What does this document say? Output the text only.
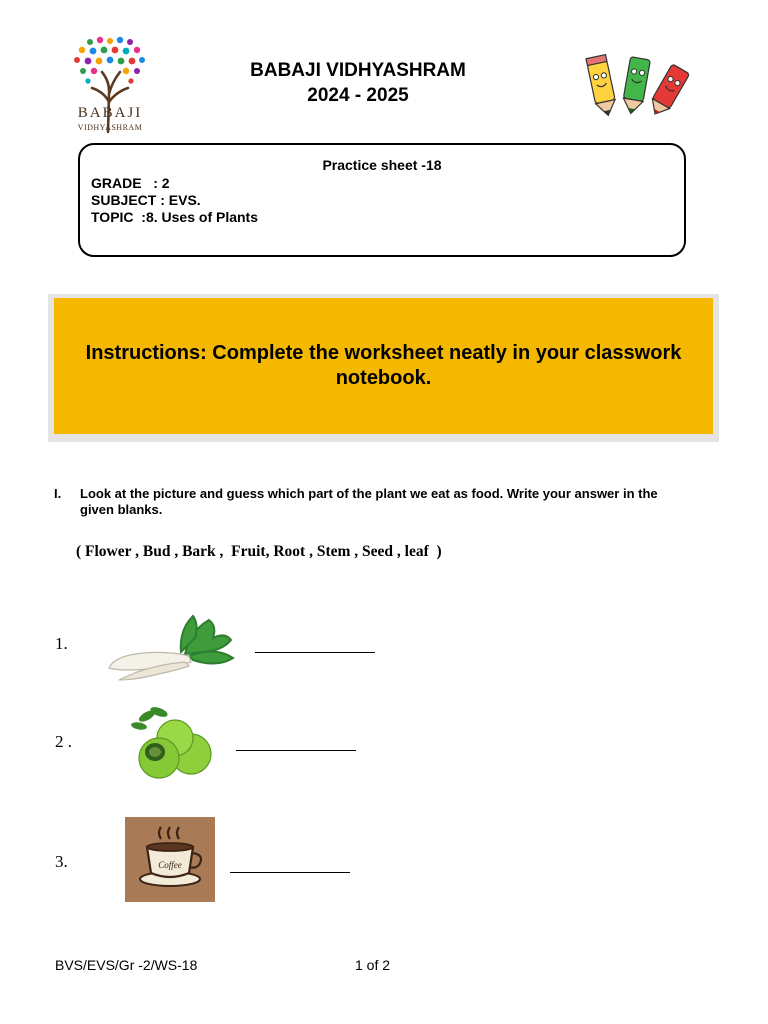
BABAJI
VIDHYASHRAM
BABAJI VIDHYASHRAM
2024 - 2025
Practice sheet -18
GRADE   : 2
SUBJECT : EVS.
TOPIC  :8. Uses of Plants
Instructions: Complete the worksheet neatly in your classwork notebook.
I. Look at the picture and guess which part of the plant we eat as food. Write your answer in the given blanks.
( Flower , Bud , Bark ,  Fruit, Root , Stem , Seed , leaf  )
1.
2 .
3.	Coffee
BVS/EVS/Gr -2/WS-18	1 of 2
